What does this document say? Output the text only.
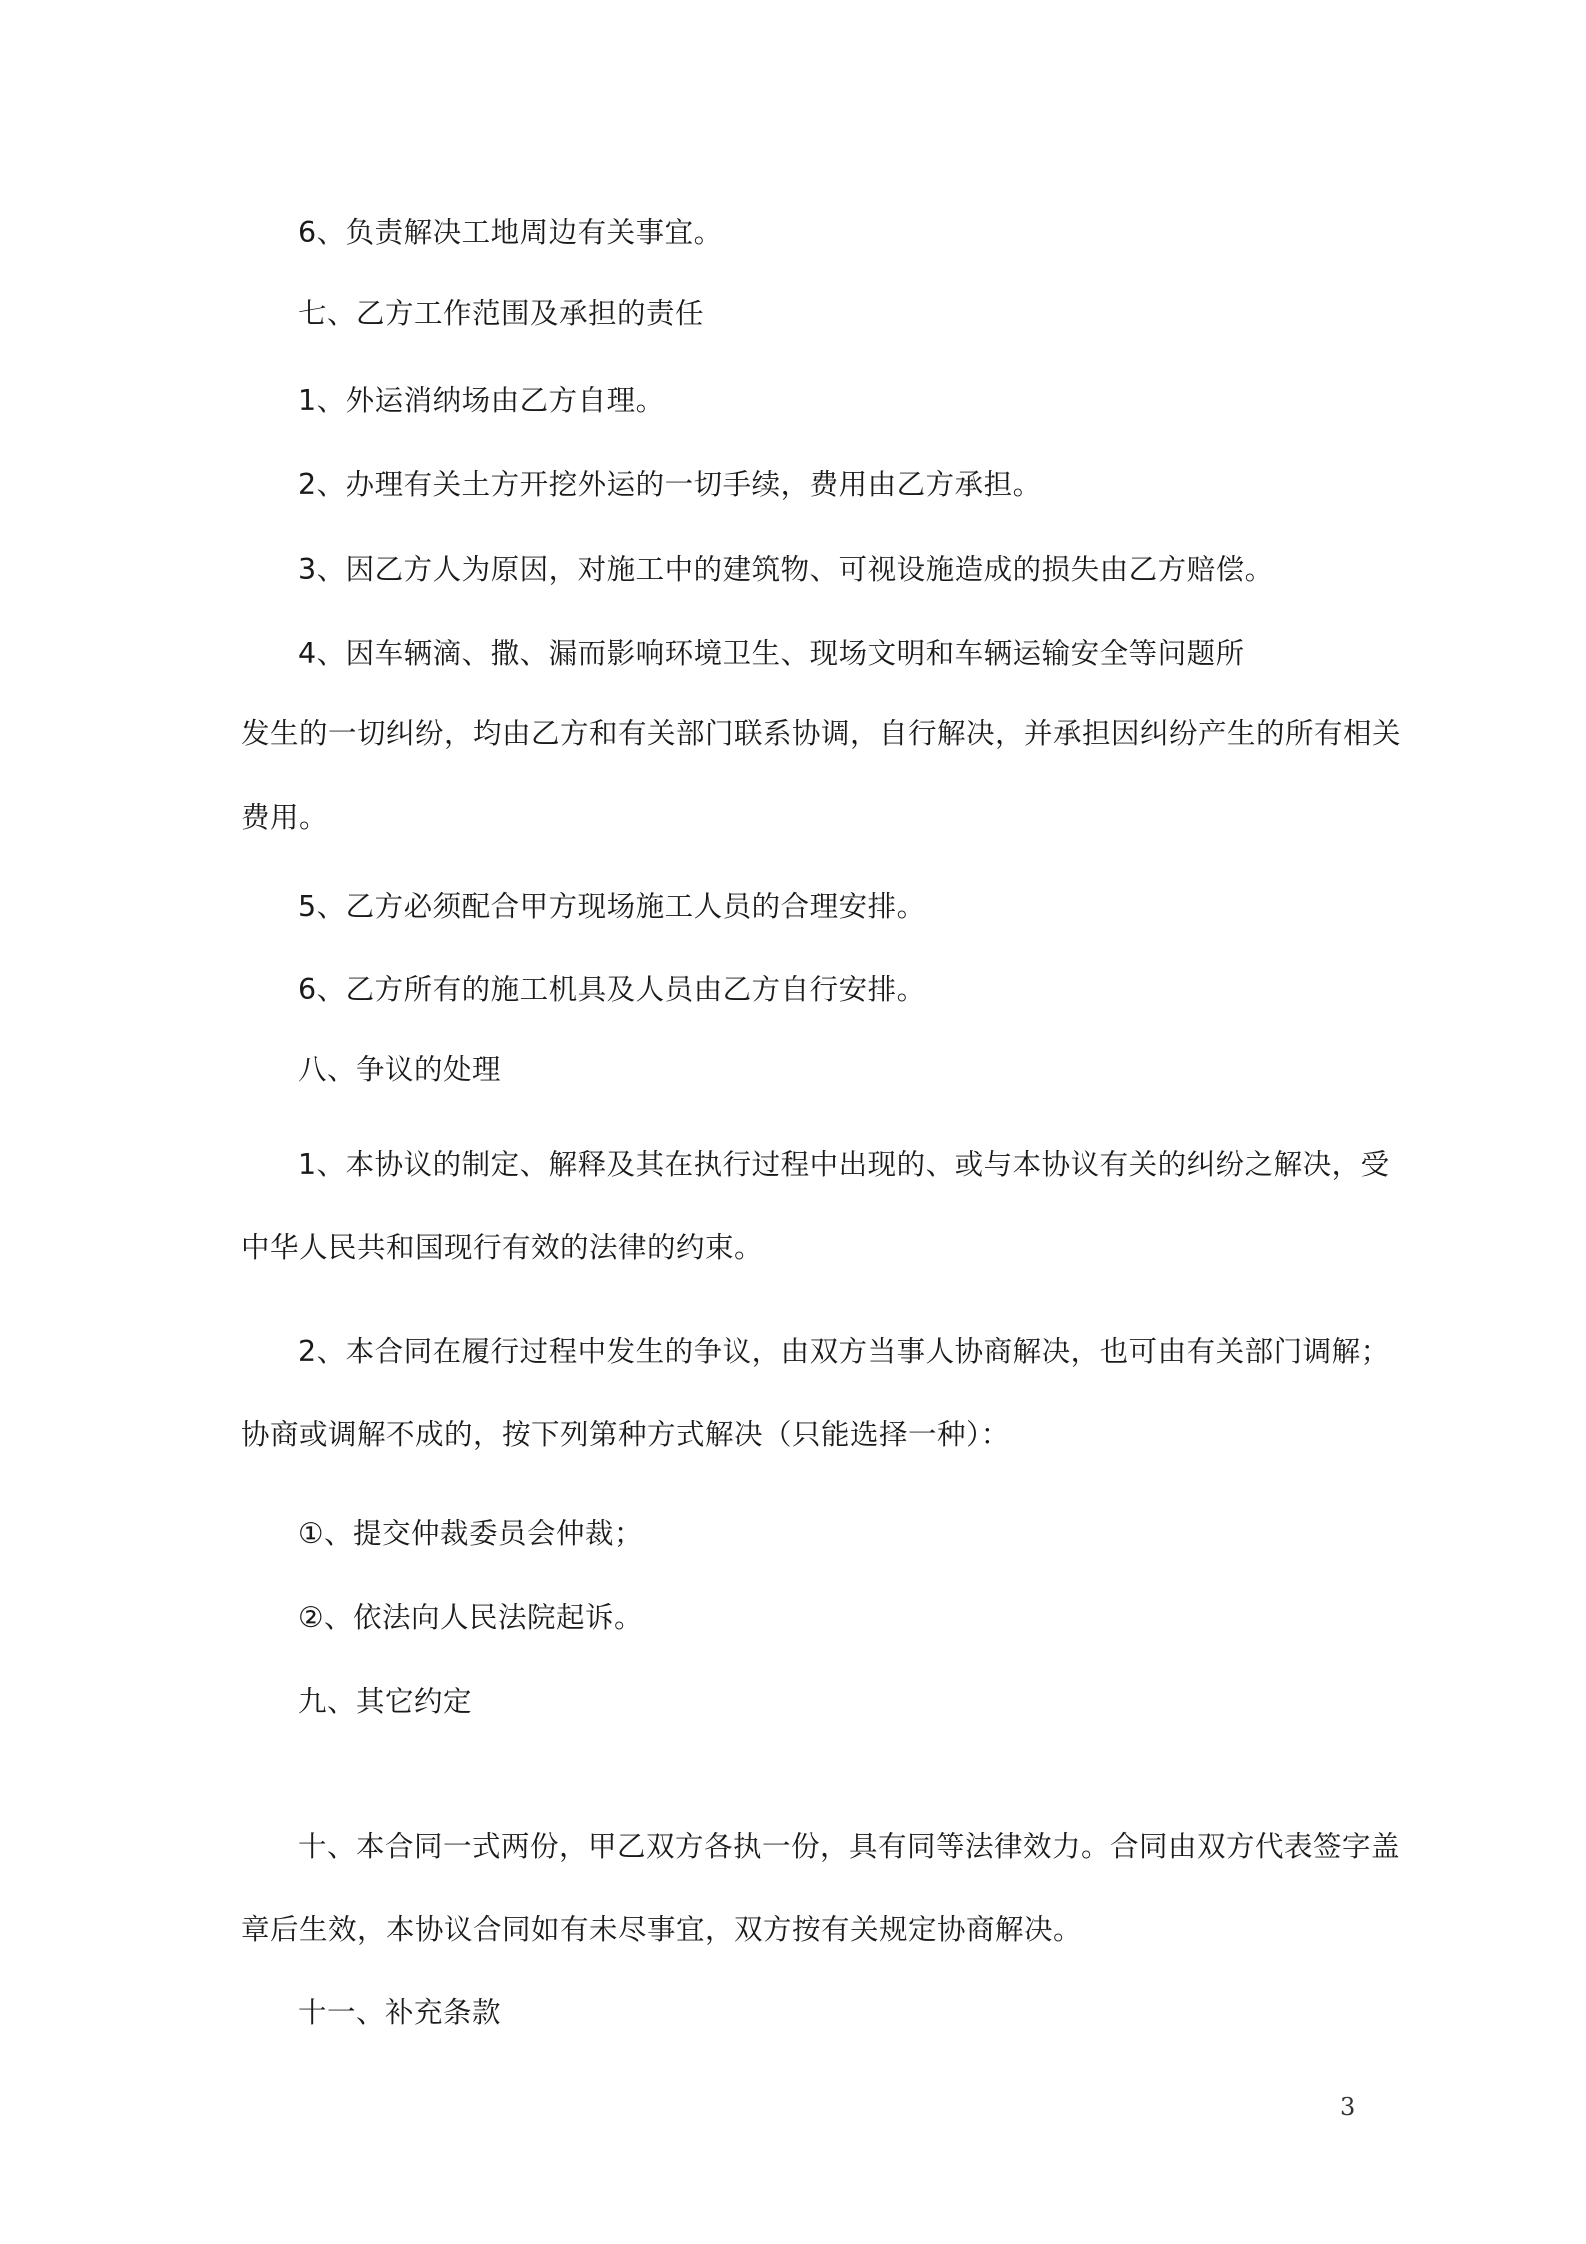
6、负责解决工地周边有关事宜。

七、乙方工作范围及承担的责任

1、外运消纳场由乙方自理。

2、办理有关土方开挖外运的一切手续，费用由乙方承担。

3、因乙方人为原因，对施工中的建筑物、可视设施造成的损失由乙方赔偿。

4、因车辆滴、撒、漏而影响环境卫生、现场文明和车辆运输安全等问题所

发生的一切纠纷，均由乙方和有关部门联系协调，自行解决，并承担因纠纷产生的所有相关

费用。

5、乙方必须配合甲方现场施工人员的合理安排。

6、乙方所有的施工机具及人员由乙方自行安排。

八、争议的处理

1、本协议的制定、解释及其在执行过程中出现的、或与本协议有关的纠纷之解决，受

中华人民共和国现行有效的法律的约束。

2、本合同在履行过程中发生的争议，由双方当事人协商解决，也可由有关部门调解；

协商或调解不成的，按下列第种方式解决（只能选择一种）：

①、提交仲裁委员会仲裁；

②、依法向人民法院起诉。

九、其它约定

十、本合同一式两份，甲乙双方各执一份，具有同等法律效力。合同由双方代表签字盖

章后生效，本协议合同如有未尽事宜，双方按有关规定协商解决。

十一、补充条款

3
